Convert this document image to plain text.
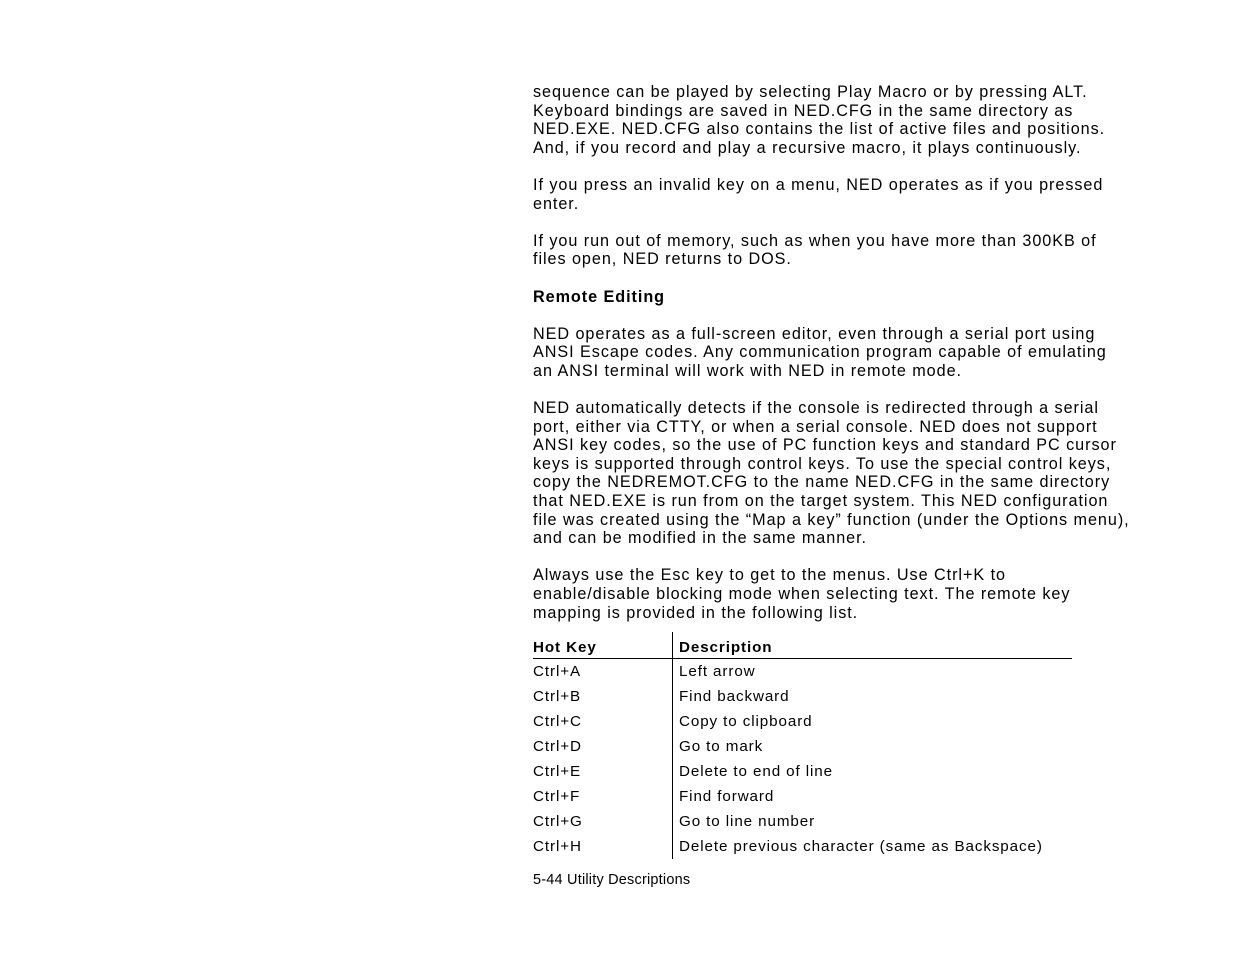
sequence can be played by selecting Play Macro or by pressing ALT.
Keyboard bindings are saved in NED.CFG in the same directory as
NED.EXE. NED.CFG also contains the list of active files and positions.
And, if you record and play a recursive macro, it plays continuously.

If you press an invalid key on a menu, NED operates as if you pressed
enter.

If you run out of memory, such as when you have more than 300KB of
files open, NED returns to DOS.

Remote Editing

NED operates as a full-screen editor, even through a serial port using
ANSI Escape codes. Any communication program capable of emulating
an ANSI terminal will work with NED in remote mode.

NED automatically detects if the console is redirected through a serial
port, either via CTTY, or when a serial console. NED does not support
ANSI key codes, so the use of PC function keys and standard PC cursor
keys is supported through control keys. To use the special control keys,
copy the NEDREMOT.CFG to the name NED.CFG in the same directory
that NED.EXE is run from on the target system. This NED configuration
file was created using the “Map a key” function (under the Options menu),
and can be modified in the same manner.

Always use the Esc key to get to the menus. Use Ctrl+K to
enable/disable blocking mode when selecting text. The remote key
mapping is provided in the following list.

Hot Key	Description
Ctrl+A	Left arrow
Ctrl+B	Find backward
Ctrl+C	Copy to clipboard
Ctrl+D	Go to mark
Ctrl+E	Delete to end of line
Ctrl+F	Find forward
Ctrl+G	Go to line number
Ctrl+H	Delete previous character (same as Backspace)
5-44 Utility Descriptions
